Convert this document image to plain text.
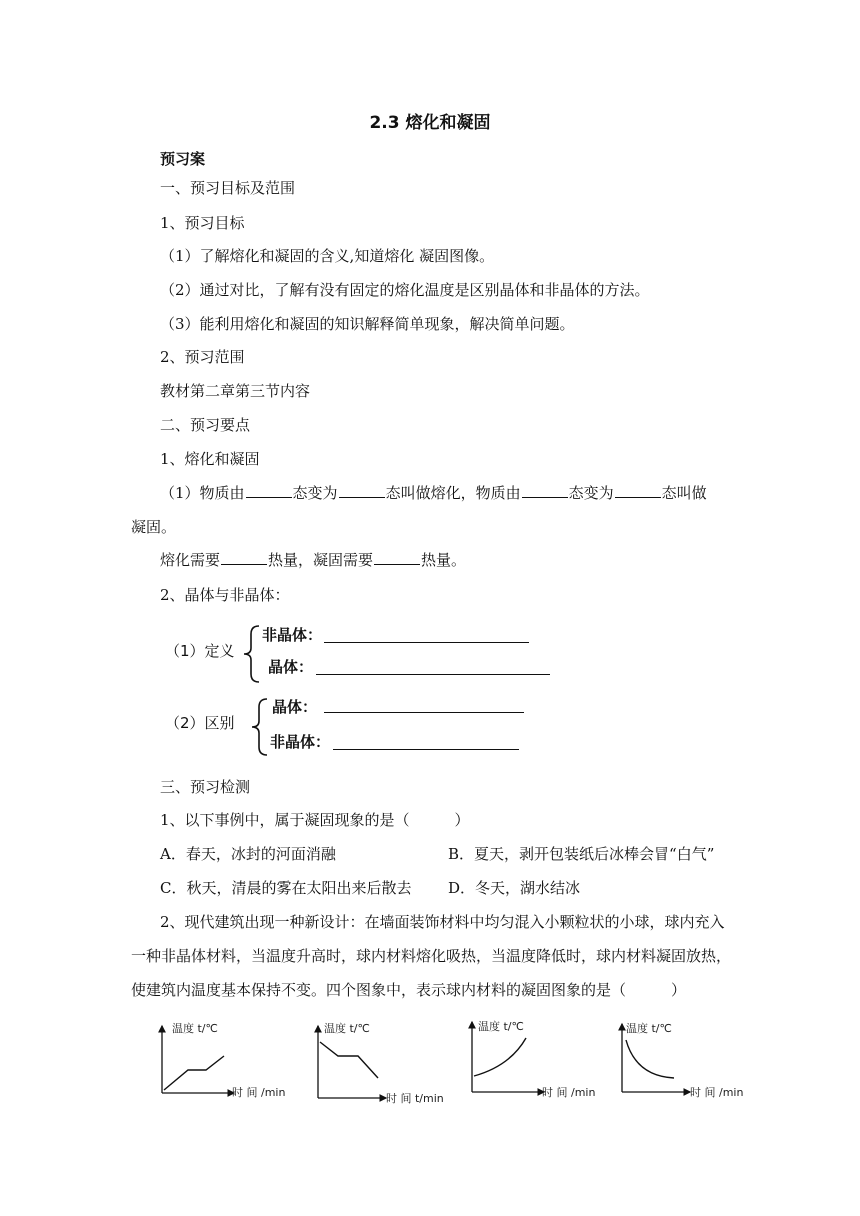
2.3 熔化和凝固
预习案
一、预习目标及范围
1、预习目标
（1）了解熔化和凝固的含义,知道熔化 凝固图像。
（2）通过对比，了解有没有固定的熔化温度是区别晶体和非晶体的方法。
（3）能利用熔化和凝固的知识解释简单现象，解决简单问题。
2、预习范围
教材第二章第三节内容
二、预习要点
1、熔化和凝固
（1）物质由	态变为	态叫做熔化，物质由	态变为	态叫做
凝固。
熔化需要	热量，凝固需要	热量。
2、晶体与非晶体：
（1）定义
非晶体：
晶体：
（2）区别
晶体：
非晶体：
三、预习检测
1、以下事例中，属于凝固现象的是（　　　）
A．春天，冰封的河面消融	B．夏天，剥开包装纸后冰棒会冒“白气”
C．秋天，清晨的雾在太阳出来后散去 D．冬天，湖水结冰
2、现代建筑出现一种新设计：在墙面装饰材料中均匀混入小颗粒状的小球，球内充入
一种非晶体材料，当温度升高时，球内材料熔化吸热，当温度降低时，球内材料凝固放热，
使建筑内温度基本保持不变。四个图象中，表示球内材料的凝固图象的是（　　　）
温度 t/℃
时 间 /min
温度 t/℃
时 间 t/min
温度 t/℃
时 间 /min
温度 t/℃
时 间 /min
